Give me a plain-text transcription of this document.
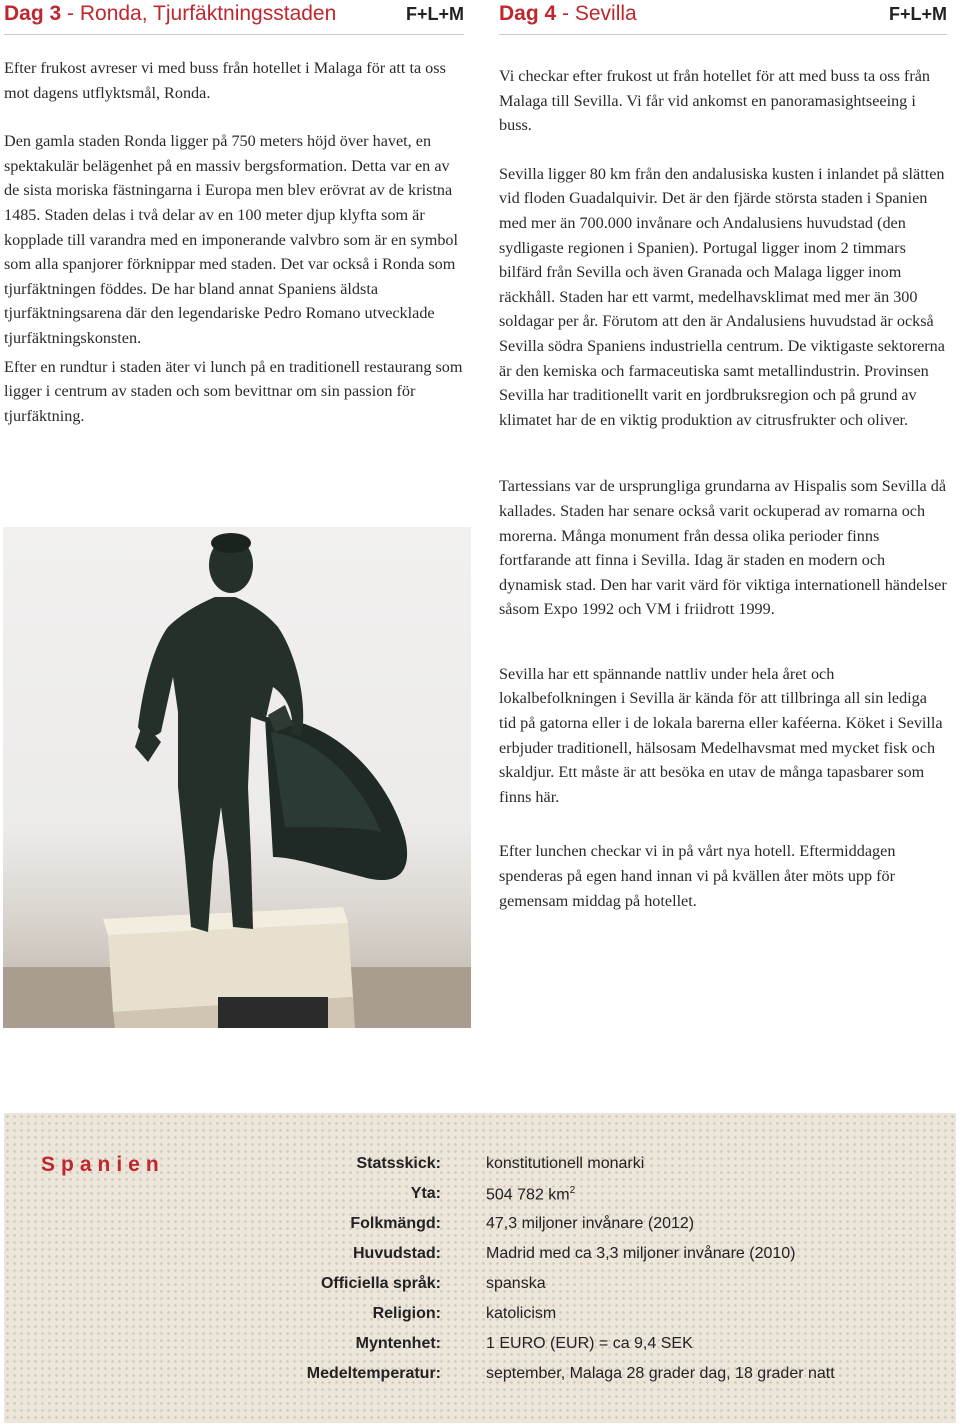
Dag 3 - Ronda, Tjurfäktningsstaden	F+L+M

Efter frukost avreser vi med buss från hotellet i Malaga för att ta oss mot dagens utflyktsmål, Ronda.

Den gamla staden Ronda ligger på 750 meters höjd över havet, en spektakulär belägenhet på en massiv bergsformation. Detta var en av de sista moriska fästningarna i Europa men blev erövrat av de kristna 1485. Staden delas i två delar av en 100 meter djup klyfta som är kopplade till varandra med en imponerande valvbro som är en symbol som alla spanjorer förknippar med staden. Det var också i Ronda som tjurfäktningen föddes. De har bland annat Spaniens äldsta tjurfäktningsarena där den legendariske Pedro Romano utvecklade tjurfäktningskonsten.

Efter en rundtur i staden äter vi lunch på en traditionell restaurang som ligger i centrum av staden och som bevittnar om sin passion för tjurfäktning.

Dag 4 - Sevilla	F+L+M

Vi checkar efter frukost ut från hotellet för att med buss ta oss från Malaga till Sevilla. Vi får vid ankomst en panoramasightseeing i buss.

Sevilla ligger 80 km från den andalusiska kusten i inlandet på slätten vid floden Guadalquivir. Det är den fjärde största staden i Spanien med mer än 700.000 invånare och Andalusiens huvudstad (den sydligaste regionen i Spanien). Portugal ligger inom 2 timmars bilfärd från Sevilla och även Granada och Malaga ligger inom räckhåll. Staden har ett varmt, medelhavsklimat med mer än 300 soldagar per år. Förutom att den är Andalusiens huvudstad är också Sevilla södra Spaniens industriella centrum. De viktigaste sektorerna är den kemiska och farmaceutiska samt metallindustrin. Provinsen Sevilla har traditionellt varit en jordbruksregion och på grund av klimatet har de en viktig produktion av citrusfrukter och oliver.

Tartessians var de ursprungliga grundarna av Hispalis som Sevilla då kallades. Staden har senare också varit ockuperad av romarna och morerna. Många monument från dessa olika perioder finns fortfarande att finna i Sevilla. Idag är staden en modern och dynamisk stad. Den har varit värd för viktiga internationell händelser såsom Expo 1992 och VM i friidrott 1999.

Sevilla har ett spännande nattliv under hela året och lokalbefolkningen i Sevilla är kända för att tillbringa all sin lediga tid på gatorna eller i de lokala barerna eller kaféerna. Köket i Sevilla erbjuder traditionell, hälsosam Medelhavsmat med mycket fisk och skaldjur. Ett måste är att besöka en utav de många tapasbarer som finns här.

Efter lunchen checkar vi in på vårt nya hotell. Eftermiddagen spenderas på egen hand innan vi på kvällen åter möts upp för gemensam middag på hotellet.

Spanien	Statsskick:	konstitutionell monarki
Yta:	504 782 $km^2$
Folkmängd:	47,3 miljoner invånare (2012)
Huvudstad:	Madrid med ca 3,3 miljoner invånare (2010)
Officiella språk:	spanska
Religion:	katolicism
Myntenhet:	1 EURO (EUR) = ca 9,4 SEK
Medeltemperatur:	september, Malaga 28 grader dag, 18 grader natt
